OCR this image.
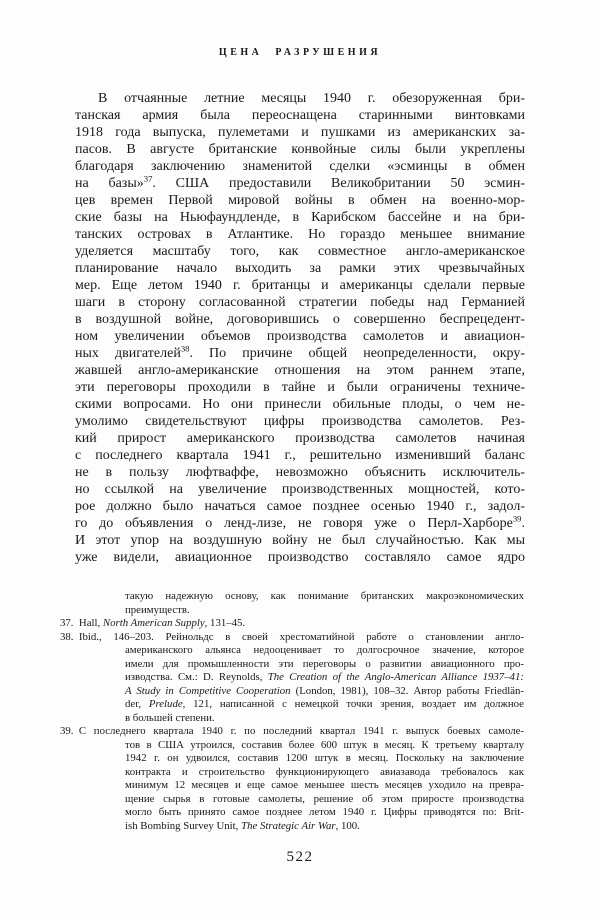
ЦЕНА РАЗРУШЕНИЯ
В отчаянные летние месяцы 1940 г. обезоруженная бри-
танская армия была переоснащена старинными винтовками
1918 года выпуска, пулеметами и пушками из американских за-
пасов. В августе британские конвойные силы были укреплены
благодаря заключению знаменитой сделки «эсминцы в обмен
на базы»$^{37}$. США предоставили Великобритании 50 эсмин-
цев времен Первой мировой войны в обмен на военно-мор-
ские базы на Ньюфаундленде, в Карибском бассейне и на бри-
танских островах в Атлантике. Но гораздо меньшее внимание
уделяется масштабу того, как совместное англо-американское
планирование начало выходить за рамки этих чрезвычайных
мер. Еще летом 1940 г. британцы и американцы сделали первые
шаги в сторону согласованной стратегии победы над Германией
в воздушной войне, договорившись о совершенно беспрецедент-
ном увеличении объемов производства самолетов и авиацион-
ных двигателей$^{38}$. По причине общей неопределенности, окру-
жавшей англо-американские отношения на этом раннем этапе,
эти переговоры проходили в тайне и были ограничены техниче-
скими вопросами. Но они принесли обильные плоды, о чем не-
умолимо свидетельствуют цифры производства самолетов. Рез-
кий прирост американского производства самолетов начиная
с последнего квартала 1941 г., решительно изменивший баланс
не в пользу люфтваффе, невозможно объяснить исключитель-
но ссылкой на увеличение производственных мощностей, кото-
рое должно было начаться самое позднее осенью 1940 г., задол-
го до объявления о ленд-лизе, не говоря уже о Перл-Харборе$^{39}$.
И этот упор на воздушную войну не был случайностью. Как мы
уже видели, авиационное производство составляло самое ядро
такую надежную основу, как понимание британских макроэкономических
преимуществ.
37. Hall, North American Supply, 131–45.
38. Ibid., 146–203. Рейнольдс в своей хрестоматийной работе о становлении англо-
американского альянса недооценивает то долгосрочное значение, которое
имели для промышленности эти переговоры о развитии авиационного про-
изводства. См.: D. Reynolds, The Creation of the Anglo-American Alliance 1937–41:
A Study in Competitive Cooperation (London, 1981), 108–32. Автор работы Friedlän-
der, Prelude, 121, написанной с немецкой точки зрения, воздает им должное
в большей степени.
39. С последнего квартала 1940 г. по последний квартал 1941 г. выпуск боевых самоле-
тов в США утроился, составив более 600 штук в месяц. К третьему кварталу
1942 г. он удвоился, составив 1200 штук в месяц. Поскольку на заключение
контракта и строительство функционирующего авиазавода требовалось как
минимум 12 месяцев и еще самое меньшее шесть месяцев уходило на превра-
щение сырья в готовые самолеты, решение об этом приросте производства
могло быть принято самое позднее летом 1940 г. Цифры приводятся по: Brit-
ish Bombing Survey Unit, The Strategic Air War, 100.
522
